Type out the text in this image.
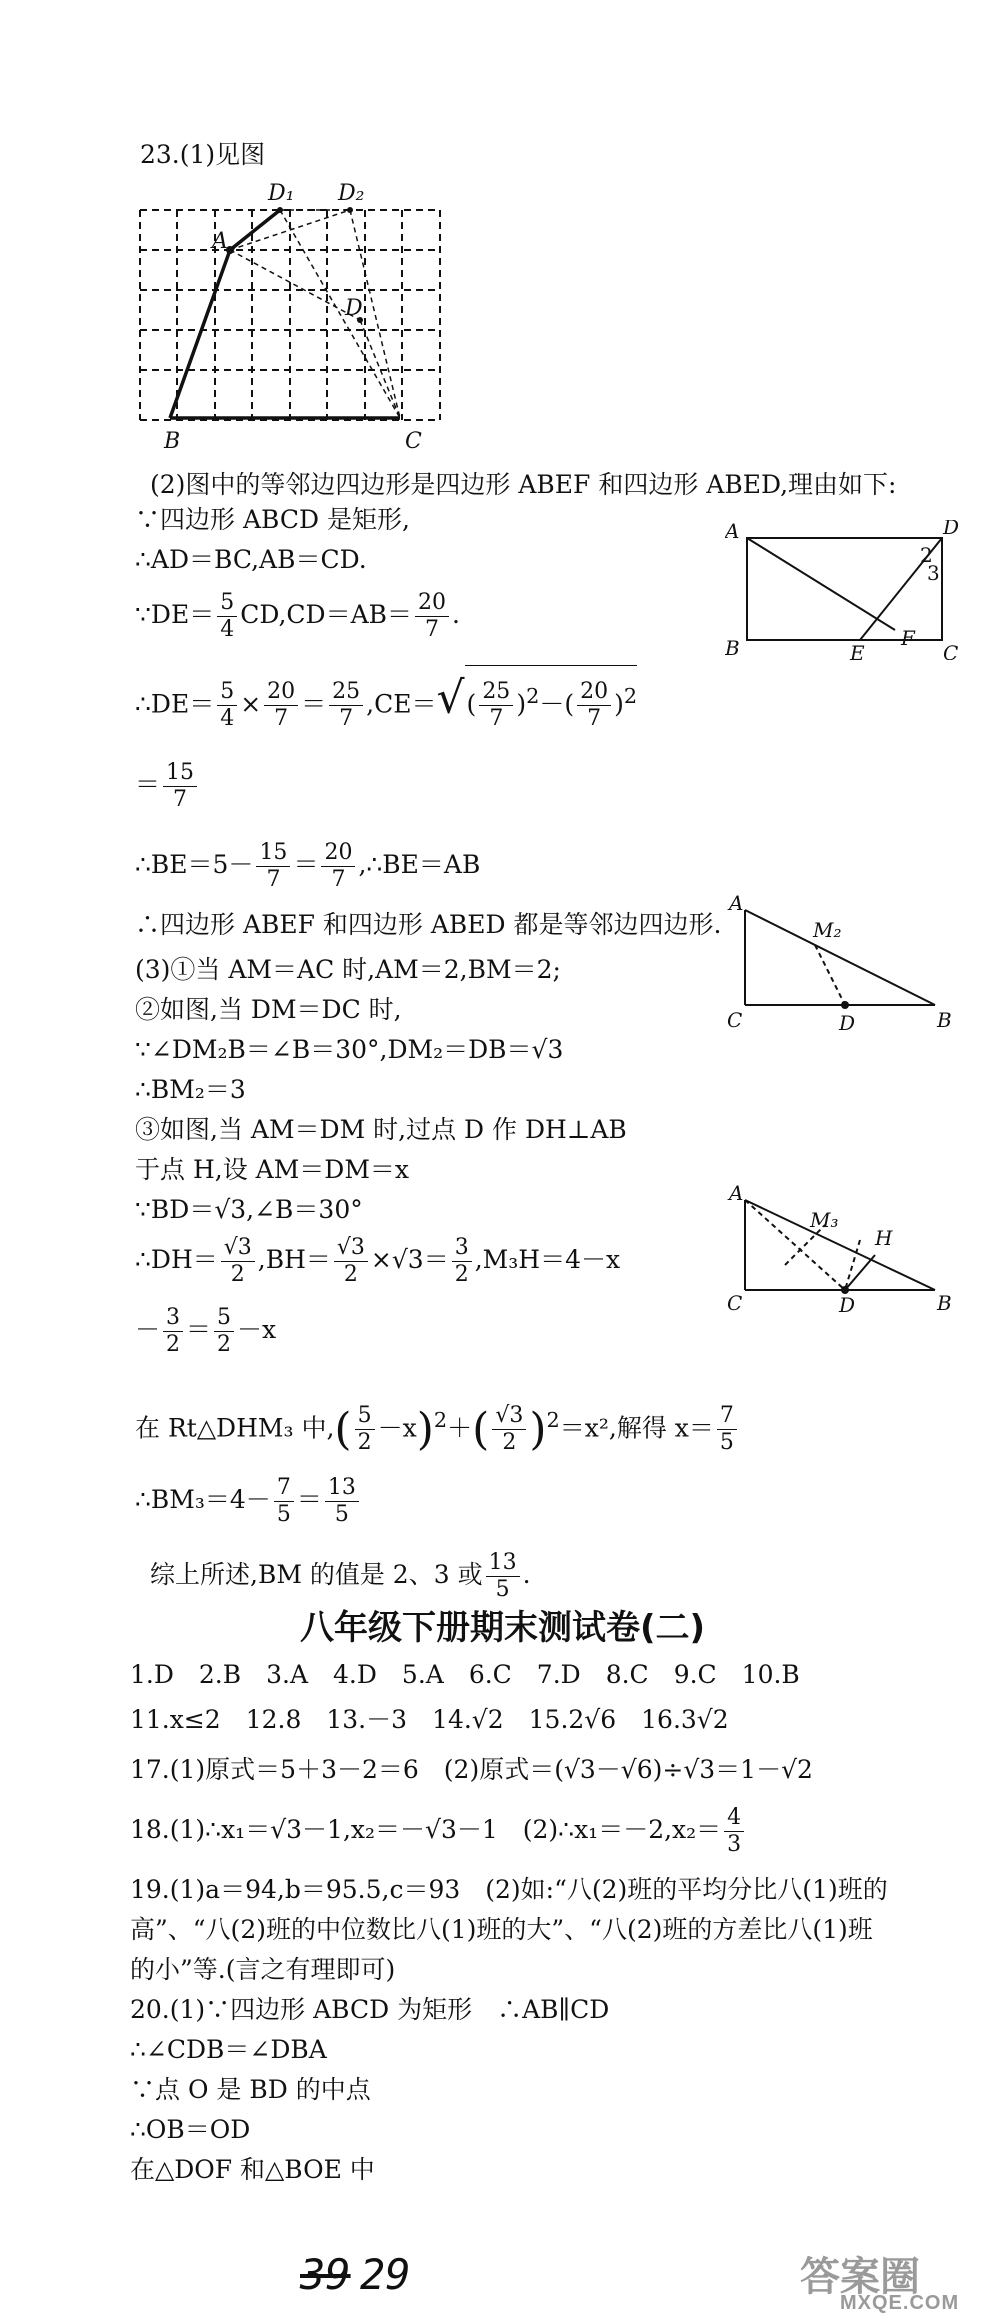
23.(1)见图
A
D₁ D₂
D
B	C
(2)图中的等邻边四边形是四边形 ABEF 和四边形 ABED,理由如下:
∵四边形 ABCD 是矩形,
∴AD＝BC,AB＝CD.
∵DE＝ $\frac{5}{4} CD,CD=AB= \frac{20}{7}$ .
∴DE＝ $\frac{5}{4} \times \frac{20}{7} = \frac{25}{7} ,CE=√( \frac{25}{7} )^2-( \frac{20}{7} )^2$
＝ $\frac{15}{7}$
∴BE＝5－ $\frac{15}{7} = \frac{20}{7}$ ,∴BE＝AB
∴四边形 ABEF 和四边形 ABED 都是等邻边四边形.
(3)①当 AM＝AC 时,AM＝2,BM＝2;
②如图,当 DM＝DC 时,
∵∠DM₂B＝∠B＝30°,DM₂＝DB＝√3
∴BM₂＝3
③如图,当 AM＝DM 时,过点 D 作 DH⊥AB
于点 H,设 AM＝DM＝x
∵BD＝√3,∠B＝30°
∴DH＝ $\frac{√3}{2} ,BH= \frac{√3}{2} \times√3= \frac{3}{2} ,M_3H=4-x$
－ $\frac{3}{2} = \frac{5}{2} -x$
在 Rt△DHM₃ 中,( $\frac{5}{2} -x)^2+( \frac{√3}{2} )^2=x^2$,解得 $x= \frac{7}{5}$
∴BM₃＝4－ $\frac{7}{5} = \frac{13}{5}$
综上所述,BM 的值是 2、3 或 $\frac{13}{5}$ .
A	D
B	E	C
F
2
3
A
M₂
C	D	B
A
M₃
H
C	D	B
八年级下册期末测试卷(二)
1.D　2.B　3.A　4.D　5.A　6.C　7.D　8.C　9.C　10.B
11.x≤2　12.8　13.－3　14.√2　15.2√6　16.3√2
17.(1)原式＝5＋3－2＝6　(2)原式＝(√3－√6)÷√3＝1－√2
18.(1)∴x₁＝√3－1,x₂＝－√3－1　(2)∴x₁＝－2,x₂＝ $\frac{4}{3}$
19.(1)a＝94,b＝95.5,c＝93　(2)如:“八(2)班的平均分比八(1)班的
高”、“八(2)班的中位数比八(1)班的大”、“八(2)班的方差比八(1)班
的小”等.(言之有理即可)
20.(1)∵四边形 ABCD 为矩形　∴AB∥CD
∴∠CDB＝∠DBA
∵点 O 是 BD 的中点
∴OB＝OD
在△DOF 和△BOE 中
39 29	答案圈
MXQE.COM
